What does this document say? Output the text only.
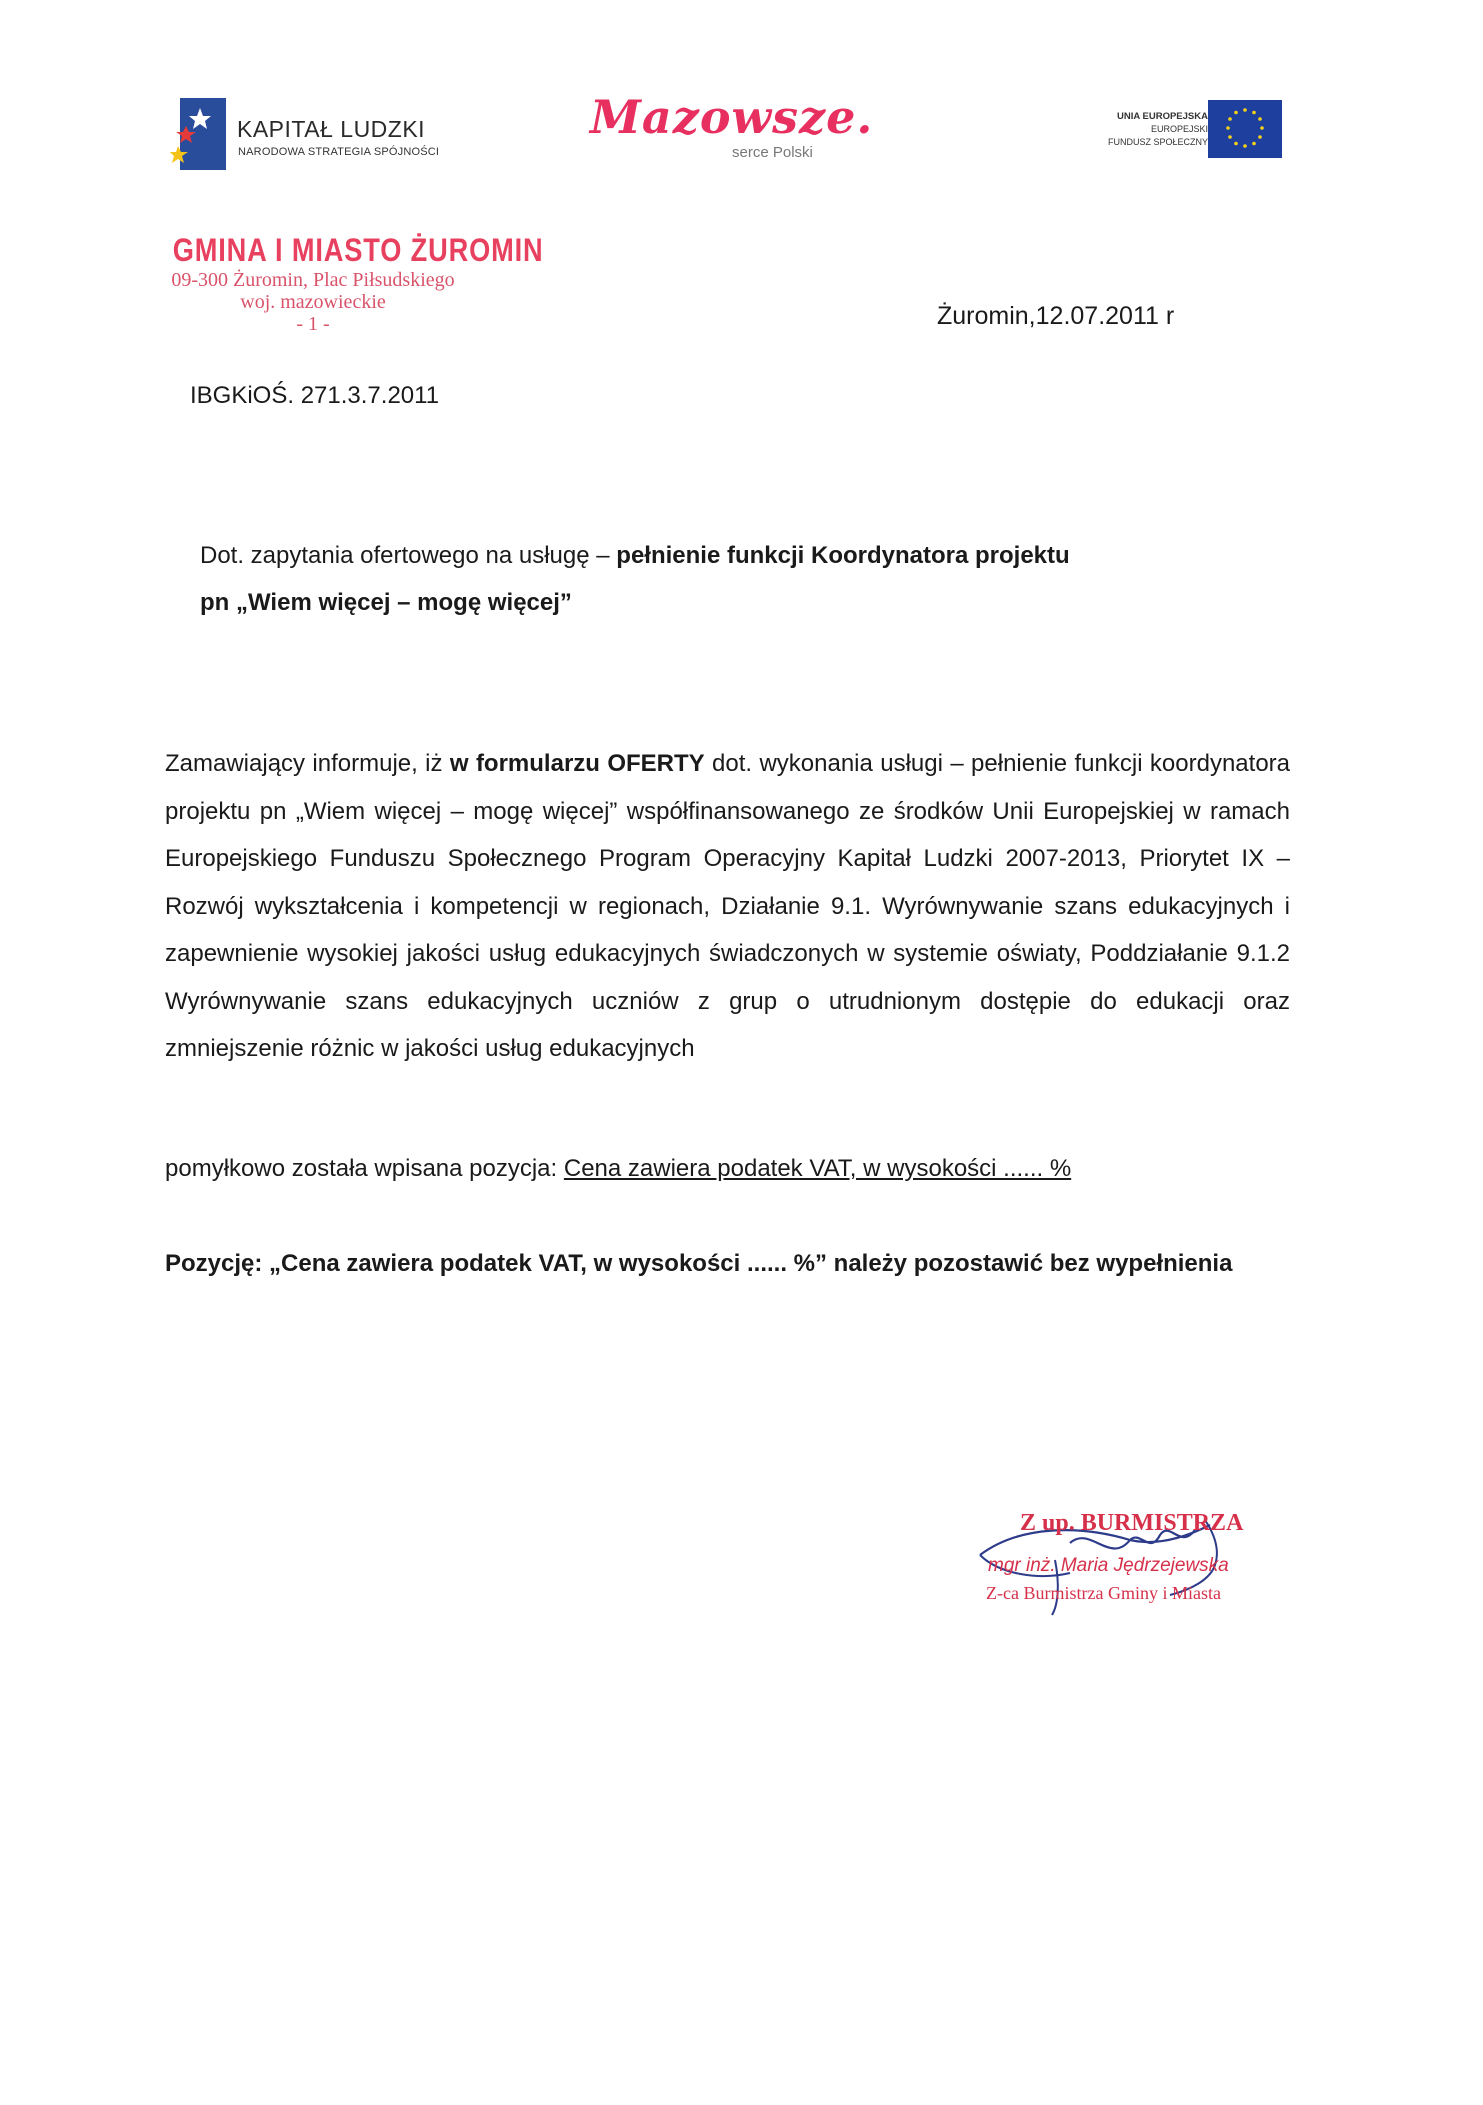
KAPITAŁ LUDZKI
NARODOWA STRATEGIA SPÓJNOŚCI
Mazowsze.
serce Polski
UNIA EUROPEJSKA
EUROPEJSKI
FUNDUSZ SPOŁECZNY
GMINA I MIASTO ŻUROMIN
09-300 Żuromin, Plac Piłsudskiego
woj. mazowieckie
- 1 -	Żuromin,12.07.2011 r
IBGKiOŚ. 271.3.7.2011
Dot. zapytania ofertowego na usługę – pełnienie funkcji Koordynatora projektu
pn „Wiem więcej – mogę więcej”
Zamawiający informuje, iż w formularzu OFERTY dot. wykonania usługi – pełnienie funkcji koordynatora projektu pn „Wiem więcej – mogę więcej” współfinansowanego ze środków Unii Europejskiej w ramach Europejskiego Funduszu Społecznego Program Operacyjny Kapitał Ludzki 2007-2013, Priorytet IX – Rozwój wykształcenia i kompetencji w regionach, Działanie 9.1. Wyrównywanie szans edukacyjnych i zapewnienie wysokiej jakości usług edukacyjnych świadczonych w systemie oświaty, Poddziałanie 9.1.2 Wyrównywanie szans edukacyjnych uczniów z grup o utrudnionym dostępie do edukacji oraz zmniejszenie różnic w jakości usług edukacyjnych
pomyłkowo została wpisana pozycja: Cena zawiera podatek VAT, w wysokości ...... %
Pozycję: „Cena zawiera podatek VAT, w wysokości ...... %” należy pozostawić bez wypełnienia
Z up. BURMISTRZA
mgr inż. Maria Jędrzejewska
Z-ca Burmistrza Gminy i Miasta
